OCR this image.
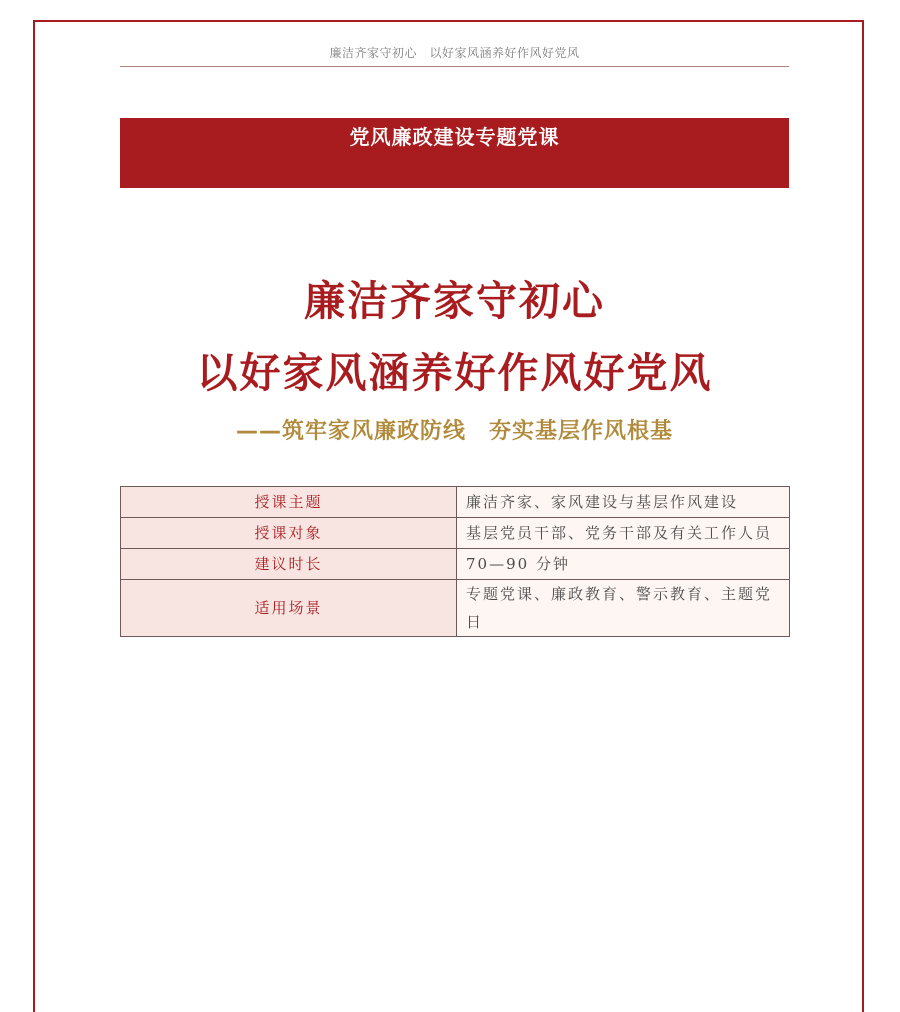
廉洁齐家守初心　以好家风涵养好作风好党风
党风廉政建设专题党课
廉洁齐家守初心
以好家风涵养好作风好党风
——筑牢家风廉政防线　夯实基层作风根基
授课主题	廉洁齐家、家风建设与基层作风建设
授课对象	基层党员干部、党务干部及有关工作人员
建议时长	70—90 分钟
适用场景	专题党课、廉政教育、警示教育、主题党日
